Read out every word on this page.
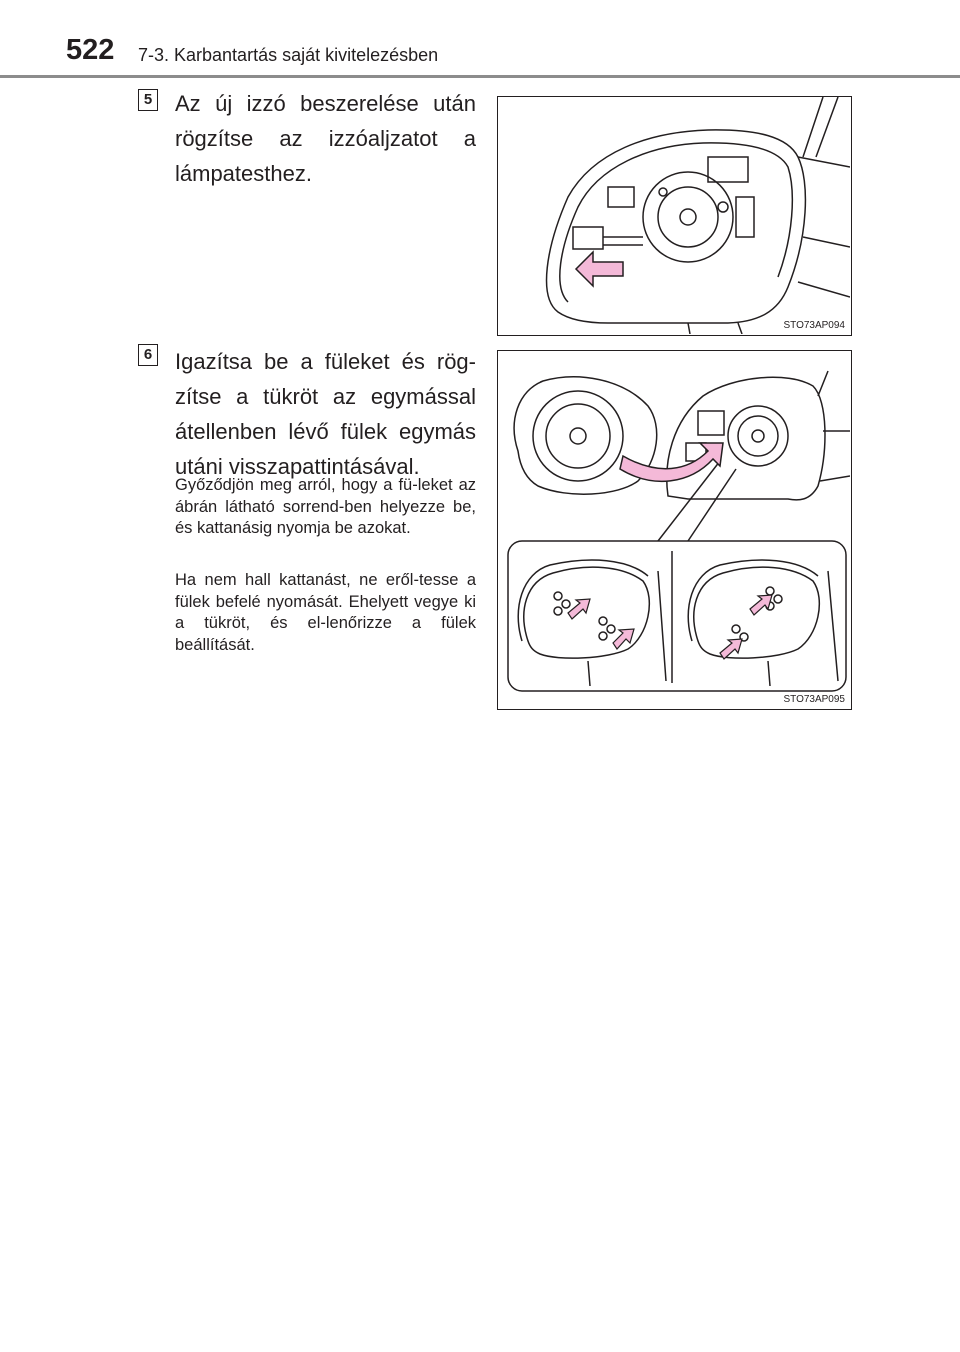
522 7-3. Karbantartás saját kivitelezésben
5 Az új izzó beszerelése után rögzítse az izzóaljzatot a lámpatesthez.
STO73AP094
6 Igazítsa be a füleket és rög-zítse a tükröt az egymással átellenben lévő fülek egymás utáni visszapattintásával.
Győződjön meg arról, hogy a fü-leket az ábrán látható sorrend-ben helyezze be, és kattanásig nyomja be azokat.
Ha nem hall kattanást, ne eről-tesse a fülek befelé nyomását. Ehelyett vegye ki a tükröt, és el-lenőrizze a fülek beállítását.
STO73AP095
